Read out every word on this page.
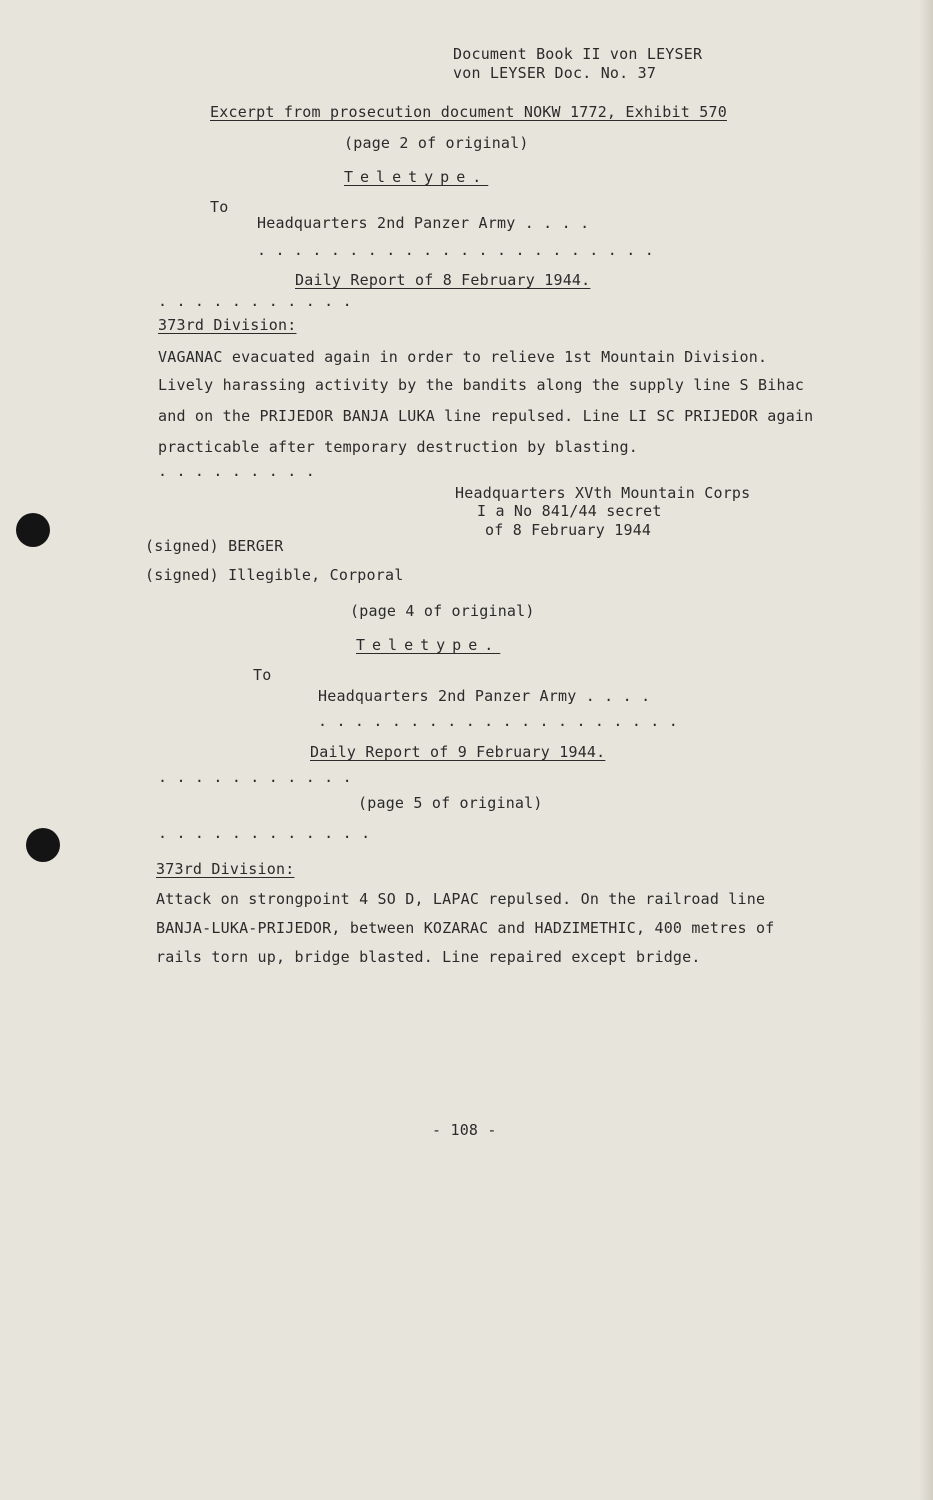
Document Book II von LEYSER
von LEYSER Doc. No. 37
Excerpt from prosecution document NOKW 1772, Exhibit 570
(page 2 of original)
Teletype.
To
Headquarters 2nd Panzer Army . . . .
. . . . . . . . . . . . . . . . . . . . . .
Daily Report of 8 February 1944.
. . . . . . . . . . .
373rd Division:
VAGANAC evacuated again in order to relieve 1st Mountain Division.
Lively harassing activity by the bandits along the supply line S Bihac
and on the PRIJEDOR BANJA LUKA line repulsed. Line LI SC PRIJEDOR again
practicable after temporary destruction by blasting.
. . . . . . . . .
Headquarters XVth Mountain Corps
I a No 841/44 secret
of 8 February 1944
(signed) BERGER
(signed) Illegible, Corporal
(page 4 of original)
Teletype.
To
Headquarters 2nd Panzer Army . . . .
. . . . . . . . . . . . . . . . . . . .
Daily Report of 9 February 1944.
. . . . . . . . . . .
(page 5 of original)
. . . . . . . . . . . .
373rd Division:
Attack on strongpoint 4 SO D, LAPAC repulsed. On the railroad line
BANJA-LUKA-PRIJEDOR, between KOZARAC and HADZIMETHIC, 400 metres of
rails torn up, bridge blasted. Line repaired except bridge.
- 108 -
